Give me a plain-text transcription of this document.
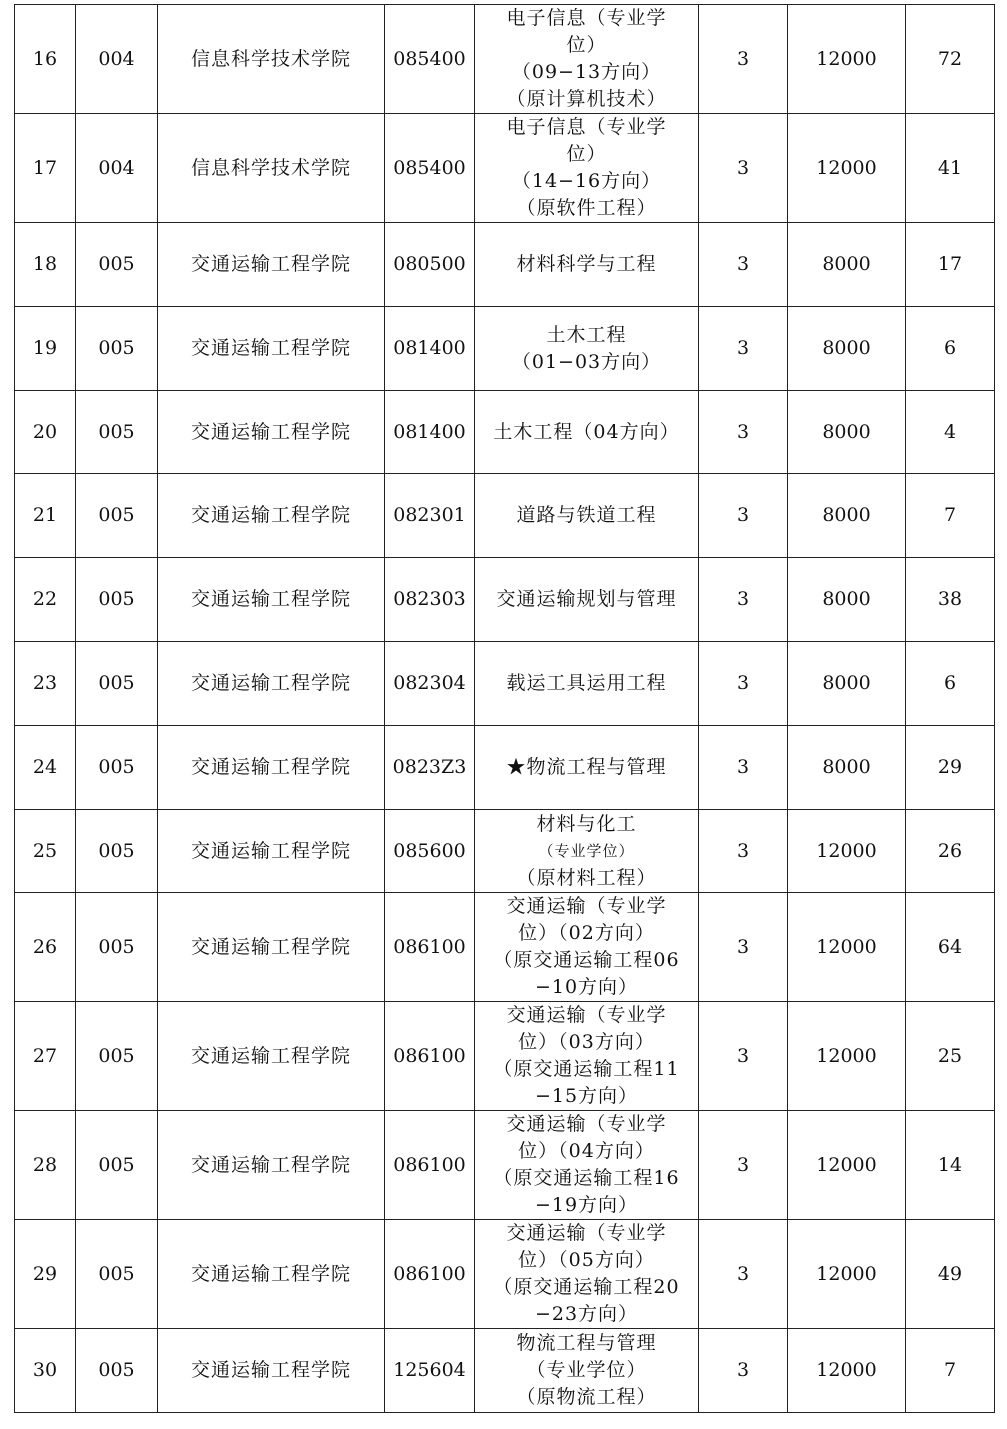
16	004	信息科学技术学院	085400	电子信息（专业学
位）
（09−13方向）
（原计算机技术）	3	12000	72
17	004	信息科学技术学院	085400	电子信息（专业学
位）
（14−16方向）
（原软件工程）	3	12000	41
18	005	交通运输工程学院	080500	材料科学与工程	3	8000	17
19	005	交通运输工程学院	081400	土木工程
（01−03方向）	3	8000	6
20	005	交通运输工程学院	081400	土木工程（04方向）	3	8000	4
21	005	交通运输工程学院	082301	道路与铁道工程	3	8000	7
22	005	交通运输工程学院	082303	交通运输规划与管理	3	8000	38
23	005	交通运输工程学院	082304	载运工具运用工程	3	8000	6
24	005	交通运输工程学院	0823Z3	★物流工程与管理	3	8000	29
25	005	交通运输工程学院	085600	材料与化工
（专业学位）
（原材料工程）	3	12000	26
26	005	交通运输工程学院	086100	交通运输（专业学
位）（02方向）
（原交通运输工程06
−10方向）	3	12000	64
27	005	交通运输工程学院	086100	交通运输（专业学
位）（03方向）
（原交通运输工程11
−15方向）	3	12000	25
28	005	交通运输工程学院	086100	交通运输（专业学
位）（04方向）
（原交通运输工程16
−19方向）	3	12000	14
29	005	交通运输工程学院	086100	交通运输（专业学
位）（05方向）
（原交通运输工程20
−23方向）	3	12000	49
30	005	交通运输工程学院	125604	物流工程与管理
（专业学位）
（原物流工程）	3	12000	7
